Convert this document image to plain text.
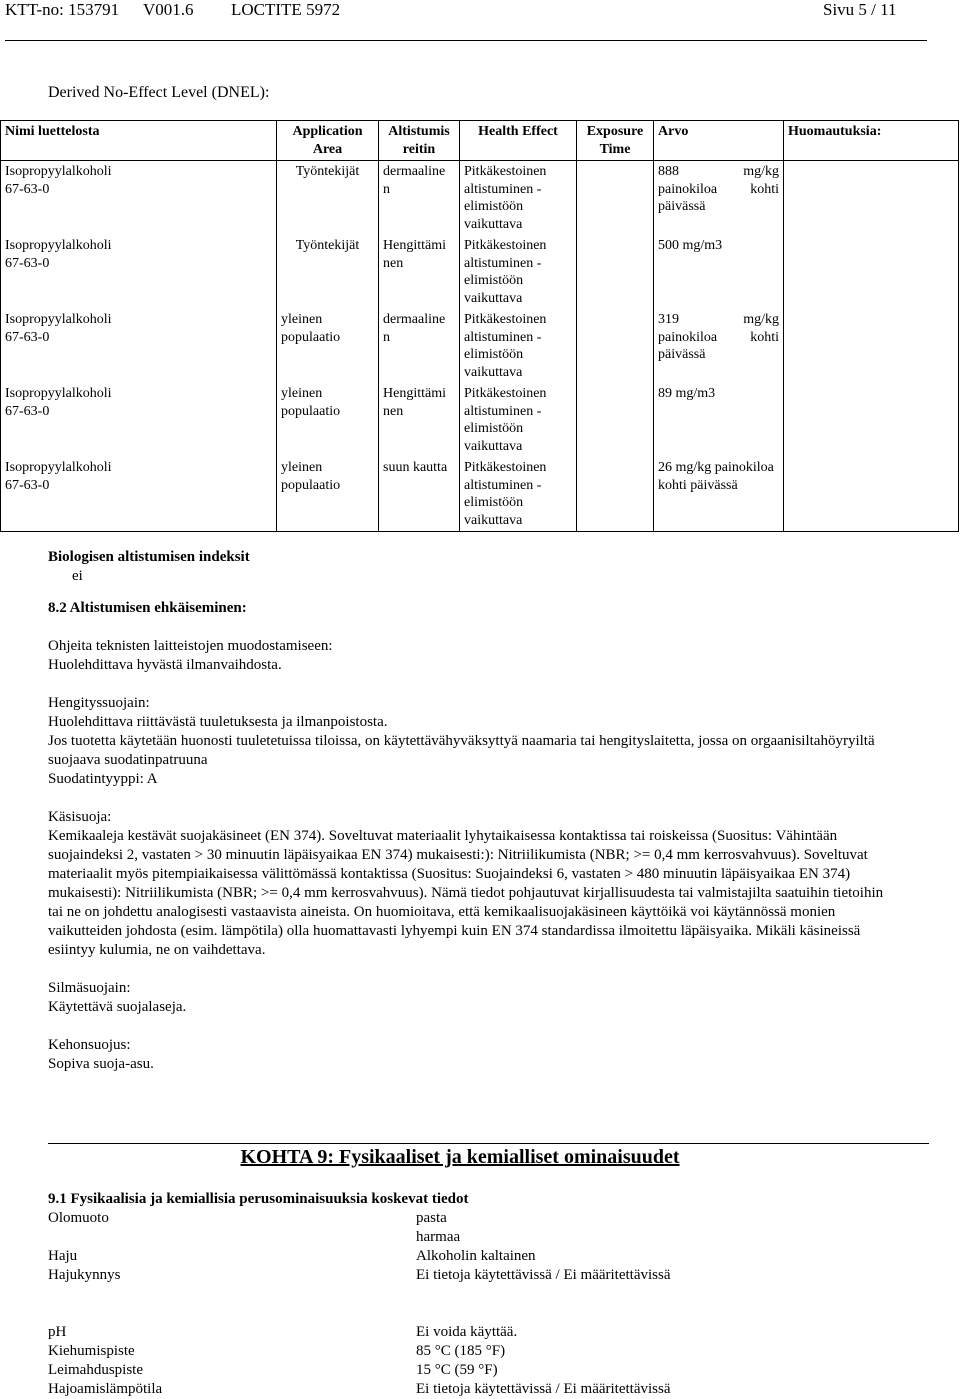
KTT-no: 153791 V001.6 LOCTITE 5972	Sivu 5 / 11
Derived No-Effect Level (DNEL):
Nimi luettelosta	Application Area	Altistumis reitin	Health Effect	Exposure Time	Arvo	Huomautuksia:

Isopropyylalkoholi
67-63-0	Työntekijät	dermaaline n	Pitkäkestoinen altistuminen - elimistöön vaikuttava		888 mg/kg painokiloa kohti päivässä	

Isopropyylalkoholi
67-63-0	Työntekijät	Hengittämi nen	Pitkäkestoinen altistuminen - elimistöön vaikuttava		500 mg/m3	

Isopropyylalkoholi
67-63-0	yleinen populaatio	dermaaline n	Pitkäkestoinen altistuminen - elimistöön vaikuttava		319 mg/kg painokiloa kohti päivässä	

Isopropyylalkoholi
67-63-0	yleinen populaatio	Hengittämi nen	Pitkäkestoinen altistuminen - elimistöön vaikuttava		89 mg/m3	

Isopropyylalkoholi
67-63-0	yleinen populaatio	suun kautta	Pitkäkestoinen altistuminen - elimistöön vaikuttava		26 mg/kg painokiloa kohti päivässä	
Biologisen altistumisen indeksit
ei
8.2 Altistumisen ehkäiseminen:
Ohjeita teknisten laitteistojen muodostamiseen:
Huolehdittava hyvästä ilmanvaihdosta.
Hengityssuojain:
Huolehdittava riittävästä tuuletuksesta ja ilmanpoistosta.
Jos tuotetta käytetään huonosti tuuletetuissa tiloissa, on käytettävähyväksyttyä naamaria tai hengityslaitetta, jossa on orgaanisiltahöyryiltä suojaava suodatinpatruuna
Suodatintyyppi: A
Käsisuoja:
Kemikaaleja kestävät suojakäsineet (EN 374). Soveltuvat materiaalit lyhytaikaisessa kontaktissa tai roiskeissa (Suositus: Vähintään suojaindeksi 2, vastaten > 30 minuutin läpäisyaikaa EN 374) mukaisesti:): Nitriilikumista (NBR; >= 0,4 mm kerrosvahvuus). Soveltuvat materiaalit myös pitempiaikaisessa välittömässä kontaktissa (Suositus: Suojaindeksi 6, vastaten > 480 minuutin läpäisyaikaa EN 374) mukaisesti): Nitriilikumista (NBR; >= 0,4 mm kerrosvahvuus). Nämä tiedot pohjautuvat kirjallisuudesta tai valmistajilta saatuihin tietoihin tai ne on johdettu analogisesti vastaavista aineista. On huomioitava, että kemikaalisuojakäsineen käyttöikä voi käytännössä monien vaikutteiden johdosta (esim. lämpötila) olla huomattavasti lyhyempi kuin EN 374 standardissa ilmoitettu läpäisyaika. Mikäli käsineissä esiintyy kulumia, ne on vaihdettava.
Silmäsuojain:
Käytettävä suojalaseja.
Kehonsuojus:
Sopiva suoja-asu.
KOHTA 9: Fysikaaliset ja kemialliset ominaisuudet
9.1 Fysikaalisia ja kemiallisia perusominaisuuksia koskevat tiedot
Olomuoto	pasta
harmaa
Haju	Alkoholin kaltainen
Hajukynnys	Ei tietoja käytettävissä / Ei määritettävissä
pH	Ei voida käyttää.
Kiehumispiste	85 °C (185 °F)
Leimahduspiste	15 °C (59 °F)
Hajoamislämpötila	Ei tietoja käytettävissä / Ei määritettävissä
